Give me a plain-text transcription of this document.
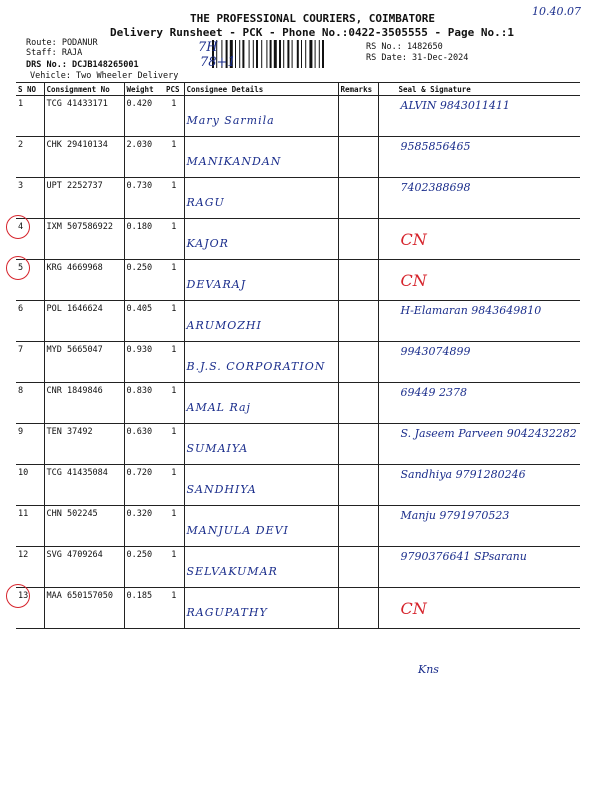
THE PROFESSIONAL COURIERS, COIMBATORE
Delivery Runsheet - PCK - Phone No.:0422-3505555 - Page No.:1
Route: PODANUR
Staff: RAJA
DRS No.: DCJB148265001
Vehicle: Two Wheeler Delivery
RS No.: 1482650
RS Date: 31-Dec-2024
10.40.07
7H
78+1
S NO	Consignment No	Weight	PCS	Consignee Details	Remarks	Seal & Signature
1	TCG 41433171	0.420	1	Mary Sarmila		ALVIN 9843011411
2	CHK 29410134	2.030	1	MANIKANDAN		9585856465
3	UPT 2252737	0.730	1	RAGU		7402388698
4	IXM 507586922	0.180	1	KAJOR		CN
5	KRG 4669968	0.250	1	DEVARAJ		CN
6	POL 1646624	0.405	1	ARUMOZHI		H-Elamaran 9843649810
7	MYD 5665047	0.930	1	B.J.S. CORPORATION		9943074899
8	CNR 1849846	0.830	1	AMAL Raj		69449 2378
9	TEN 37492	0.630	1	SUMAIYA		S. Jaseem Parveen 9042432282
10	TCG 41435084	0.720	1	SANDHIYA		Sandhiya 9791280246
11	CHN 502245	0.320	1	MANJULA DEVI		Manju 9791970523
12	SVG 4709264	0.250	1	SELVAKUMAR		9790376641 SPsaranu
13	MAA 650157050	0.185	1	RAGUPATHY		CN
Kns
